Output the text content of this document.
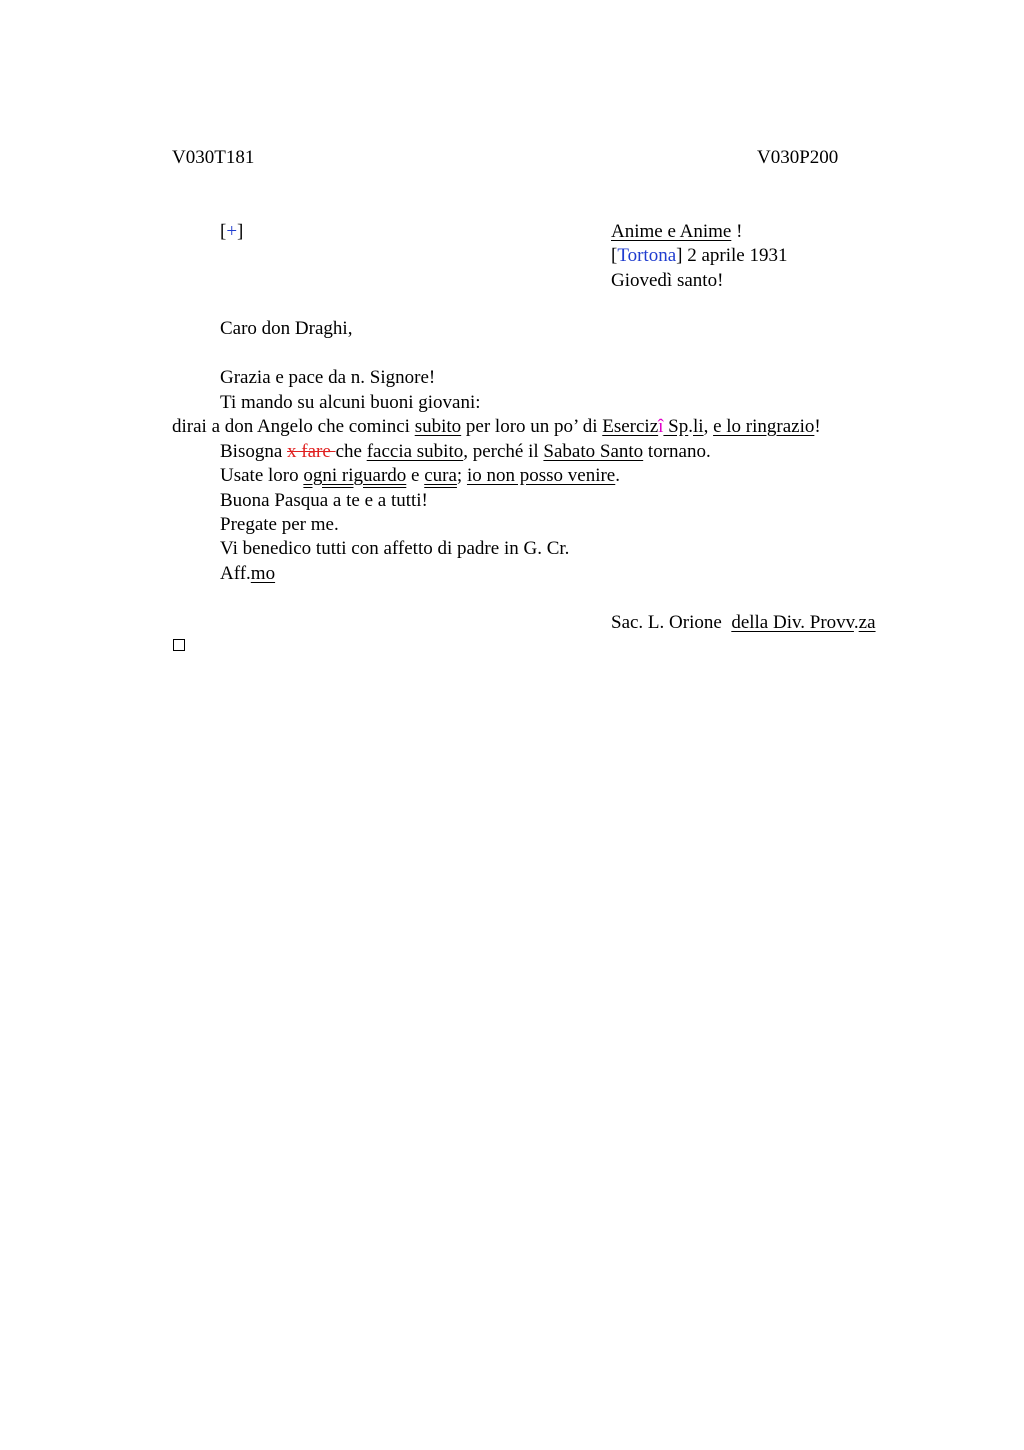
V030T181	V030P200
[+]	Anime e Anime !
[Tortona] 2 aprile 1931
Giovedì santo!
Caro don Draghi,
Grazia e pace da n. Signore!
Ti mando su alcuni buoni giovani:
dirai a don Angelo che cominci subito per loro un po’ di Esercizî Sp.li, e lo ringrazio!
Bisogna x fare che faccia subito, perché il Sabato Santo tornano.
Usate loro ogni riguardo e cura; io non posso venire.
Buona Pasqua a te e a tutti!
Pregate per me.
Vi benedico tutti con affetto di padre in G. Cr.
Aff.mo
Sac. L. Orione  della Div. Provv.za
